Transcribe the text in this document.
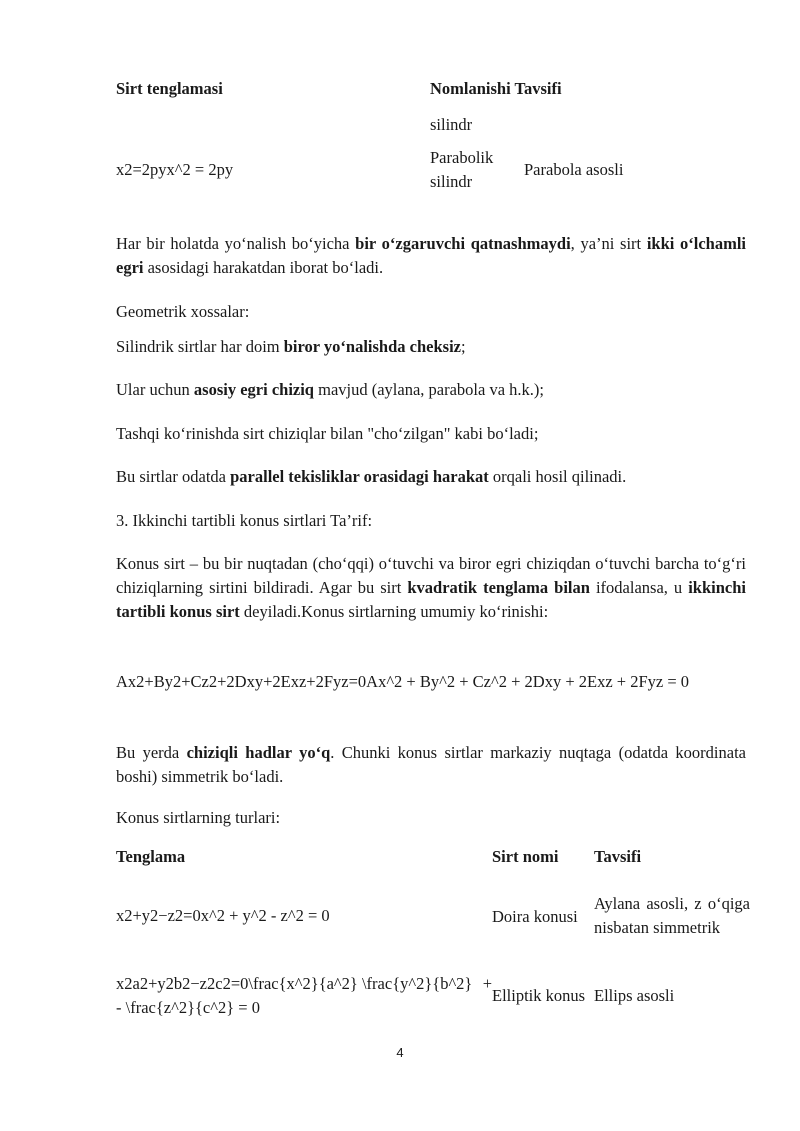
Sirt tenglamasi	Nomlanishi Tavsifi	
	silindr	
x2=2pyx^2 = 2py	Parabolik silindr	Parabola asosli

Har bir holatda yo‘nalish bo‘yicha bir o‘zgaruvchi qatnashmaydi, ya’ni sirt ikki o‘lchamli egri asosidagi harakatdan iborat bo‘ladi.

Geometrik xossalar:

Silindrik sirtlar har doim biror yo‘nalishda cheksiz;

Ular uchun asosiy egri chiziq mavjud (aylana, parabola va h.k.);

Tashqi ko‘rinishda sirt chiziqlar bilan "cho‘zilgan" kabi bo‘ladi;

Bu sirtlar odatda parallel tekisliklar orasidagi harakat orqali hosil qilinadi.

3. Ikkinchi tartibli konus sirtlari Ta’rif:

Konus sirt – bu bir nuqtadan (cho‘qqi) o‘tuvchi va biror egri chiziqdan o‘tuvchi barcha to‘g‘ri chiziqlarning sirtini bildiradi. Agar bu sirt kvadratik tenglama bilan ifodalansa, u ikkinchi tartibli konus sirt deyiladi.Konus sirtlarning umumiy ko‘rinishi:

Ax2+By2+Cz2+2Dxy+2Exz+2Fyz=0Ax^2 + By^2 + Cz^2 + 2Dxy + 2Exz + 2Fyz = 0

Bu yerda chiziqli hadlar yo‘q. Chunki konus sirtlar markaziy nuqtaga (odatda koordinata boshi) simmetrik bo‘ladi.

Konus sirtlarning turlari:

Tenglama		Sirt nomi	Tavsifi
x2+y2−z2=0x^2 + y^2 - z^2 = 0		Doira konusi	Aylana asosli, z o‘qiga nisbatan simmetrik
x2a2+y2b2−z2c2=0\frac{x^2}{a^2} \frac{y^2}{b^2} - \frac{z^2}{c^2} = 0	+	Elliptik konus	Ellips asosli
4
